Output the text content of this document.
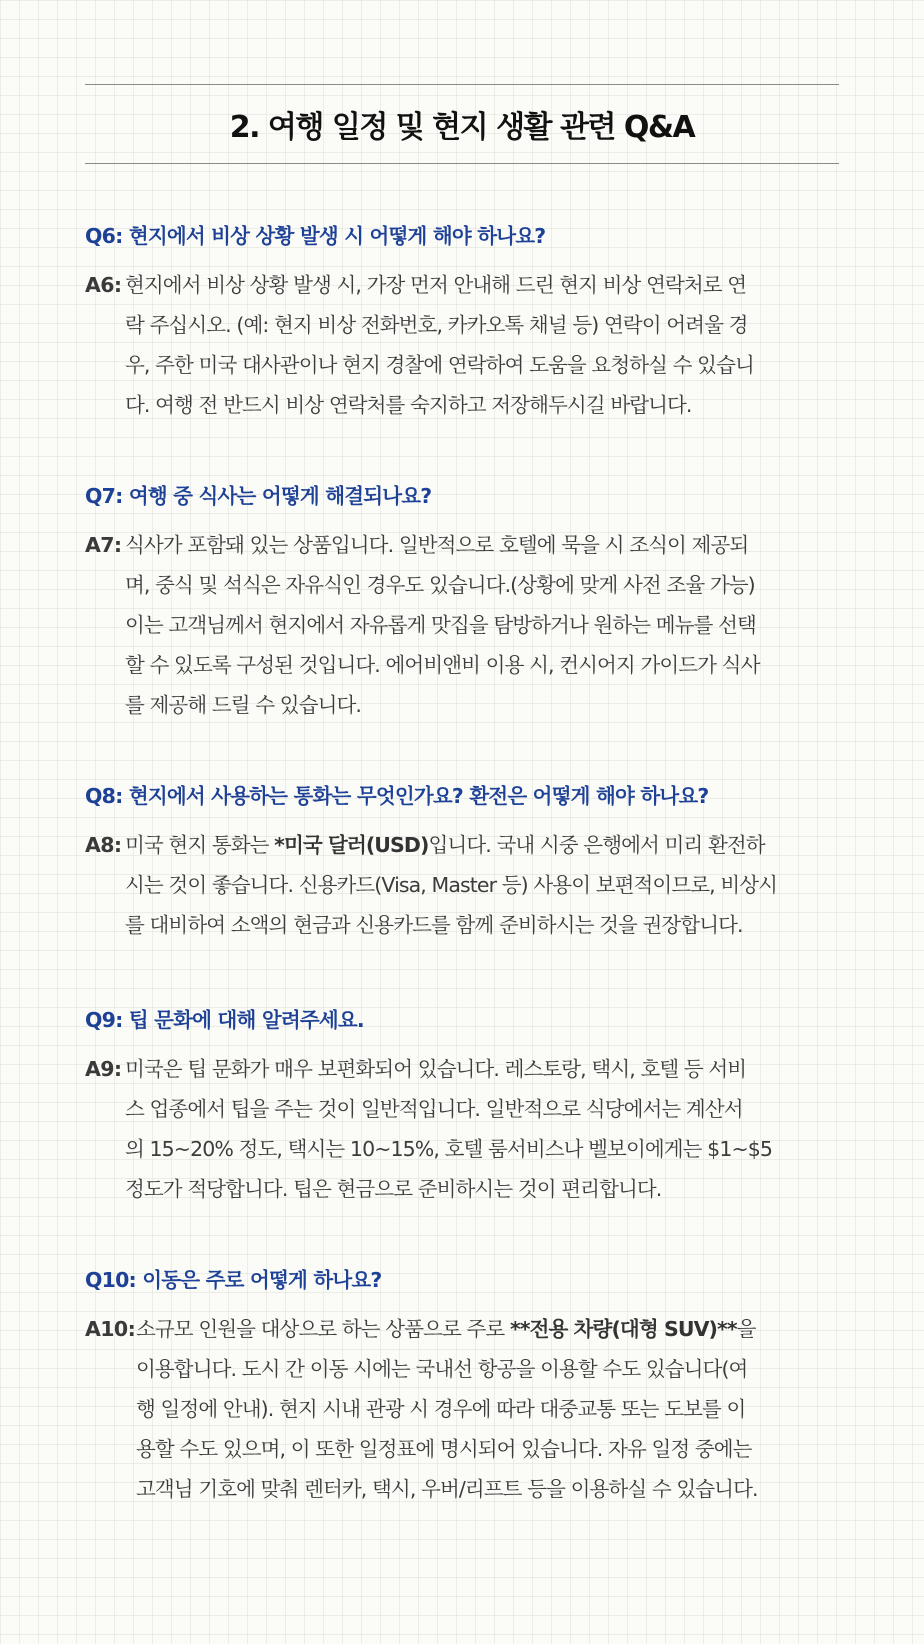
2. 여행 일정 및 현지 생활 관련 Q&A

Q6: 현지에서 비상 상황 발생 시 어떻게 해야 하나요?

A6: 현지에서 비상 상황 발생 시, 가장 먼저 안내해 드린 현지 비상 연락처로 연
락 주십시오. (예: 현지 비상 전화번호, 카카오톡 채널 등) 연락이 어려울 경
우, 주한 미국 대사관이나 현지 경찰에 연락하여 도움을 요청하실 수 있습니
다. 여행 전 반드시 비상 연락처를 숙지하고 저장해두시길 바랍니다.

Q7: 여행 중 식사는 어떻게 해결되나요?

A7: 식사가 포함돼 있는 상품입니다. 일반적으로 호텔에 묵을 시 조식이 제공되
며, 중식 및 석식은 자유식인 경우도 있습니다.(상황에 맞게 사전 조율 가능)
이는 고객님께서 현지에서 자유롭게 맛집을 탐방하거나 원하는 메뉴를 선택
할 수 있도록 구성된 것입니다. 에어비앤비 이용 시, 컨시어지 가이드가 식사
를 제공해 드릴 수 있습니다.

Q8: 현지에서 사용하는 통화는 무엇인가요? 환전은 어떻게 해야 하나요?

A8: 미국 현지 통화는 *미국 달러(USD)입니다. 국내 시중 은행에서 미리 환전하
시는 것이 좋습니다. 신용카드(Visa, Master 등) 사용이 보편적이므로, 비상시
를 대비하여 소액의 현금과 신용카드를 함께 준비하시는 것을 권장합니다.

Q9: 팁 문화에 대해 알려주세요.

A9: 미국은 팁 문화가 매우 보편화되어 있습니다. 레스토랑, 택시, 호텔 등 서비
스 업종에서 팁을 주는 것이 일반적입니다. 일반적으로 식당에서는 계산서
의 15~20% 정도, 택시는 10~15%, 호텔 룸서비스나 벨보이에게는 $1~$5
정도가 적당합니다. 팁은 현금으로 준비하시는 것이 편리합니다.

Q10: 이동은 주로 어떻게 하나요?

A10: 소규모 인원을 대상으로 하는 상품으로 주로 **전용 차량(대형 SUV)**을
이용합니다. 도시 간 이동 시에는 국내선 항공을 이용할 수도 있습니다(여
행 일정에 안내). 현지 시내 관광 시 경우에 따라 대중교통 또는 도보를 이
용할 수도 있으며, 이 또한 일정표에 명시되어 있습니다. 자유 일정 중에는
고객님 기호에 맞춰 렌터카, 택시, 우버/리프트 등을 이용하실 수 있습니다.
